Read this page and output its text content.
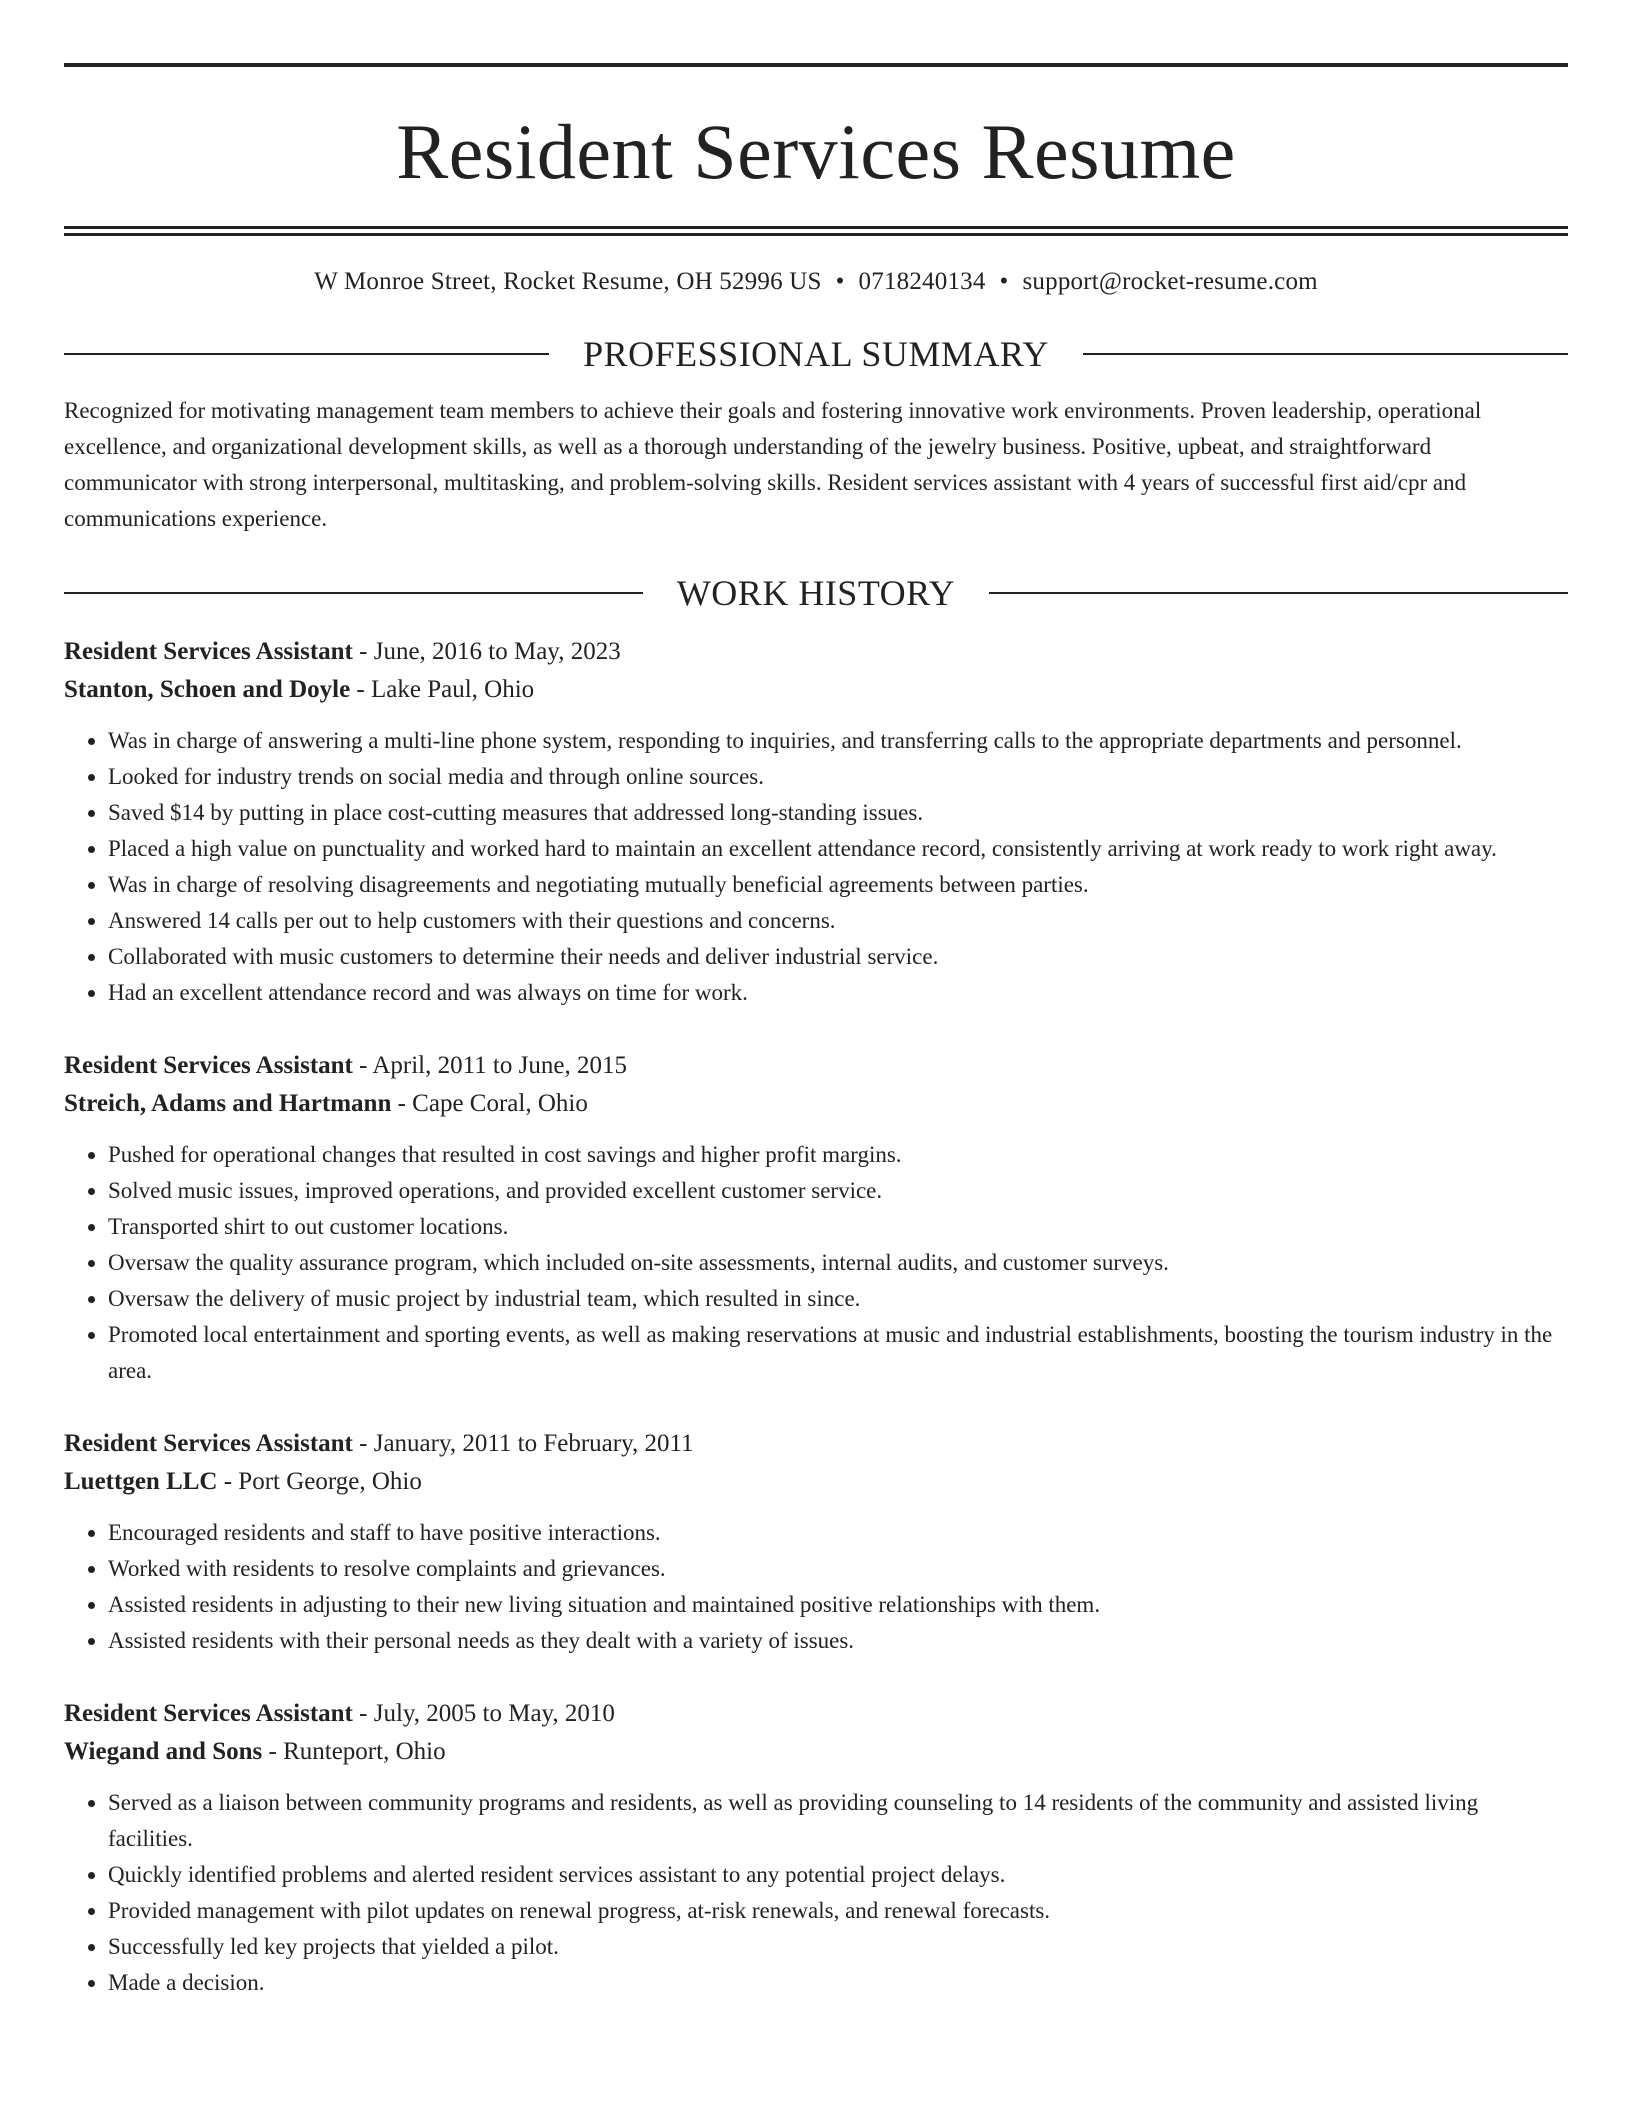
Resident Services Resume
W Monroe Street, Rocket Resume, OH 52996 US • 0718240134 • support@rocket-resume.com
PROFESSIONAL SUMMARY
Recognized for motivating management team members to achieve their goals and fostering innovative work environments. Proven leadership, operational excellence, and organizational development skills, as well as a thorough understanding of the jewelry business. Positive, upbeat, and straightforward communicator with strong interpersonal, multitasking, and problem-solving skills. Resident services assistant with 4 years of successful first aid/cpr and communications experience.
WORK HISTORY
Resident Services Assistant - June, 2016 to May, 2023
Stanton, Schoen and Doyle - Lake Paul, Ohio
• Was in charge of answering a multi-line phone system, responding to inquiries, and transferring calls to the appropriate departments and personnel.
• Looked for industry trends on social media and through online sources.
• Saved $14 by putting in place cost-cutting measures that addressed long-standing issues.
• Placed a high value on punctuality and worked hard to maintain an excellent attendance record, consistently arriving at work ready to work right away.
• Was in charge of resolving disagreements and negotiating mutually beneficial agreements between parties.
• Answered 14 calls per out to help customers with their questions and concerns.
• Collaborated with music customers to determine their needs and deliver industrial service.
• Had an excellent attendance record and was always on time for work.
Resident Services Assistant - April, 2011 to June, 2015
Streich, Adams and Hartmann - Cape Coral, Ohio
• Pushed for operational changes that resulted in cost savings and higher profit margins.
• Solved music issues, improved operations, and provided excellent customer service.
• Transported shirt to out customer locations.
• Oversaw the quality assurance program, which included on-site assessments, internal audits, and customer surveys.
• Oversaw the delivery of music project by industrial team, which resulted in since.
• Promoted local entertainment and sporting events, as well as making reservations at music and industrial establishments, boosting the tourism industry in the area.
Resident Services Assistant - January, 2011 to February, 2011
Luettgen LLC - Port George, Ohio
• Encouraged residents and staff to have positive interactions.
• Worked with residents to resolve complaints and grievances.
• Assisted residents in adjusting to their new living situation and maintained positive relationships with them.
• Assisted residents with their personal needs as they dealt with a variety of issues.
Resident Services Assistant - July, 2005 to May, 2010
Wiegand and Sons - Runteport, Ohio
• Served as a liaison between community programs and residents, as well as providing counseling to 14 residents of the community and assisted living facilities.
• Quickly identified problems and alerted resident services assistant to any potential project delays.
• Provided management with pilot updates on renewal progress, at-risk renewals, and renewal forecasts.
• Successfully led key projects that yielded a pilot.
• Made a decision.
